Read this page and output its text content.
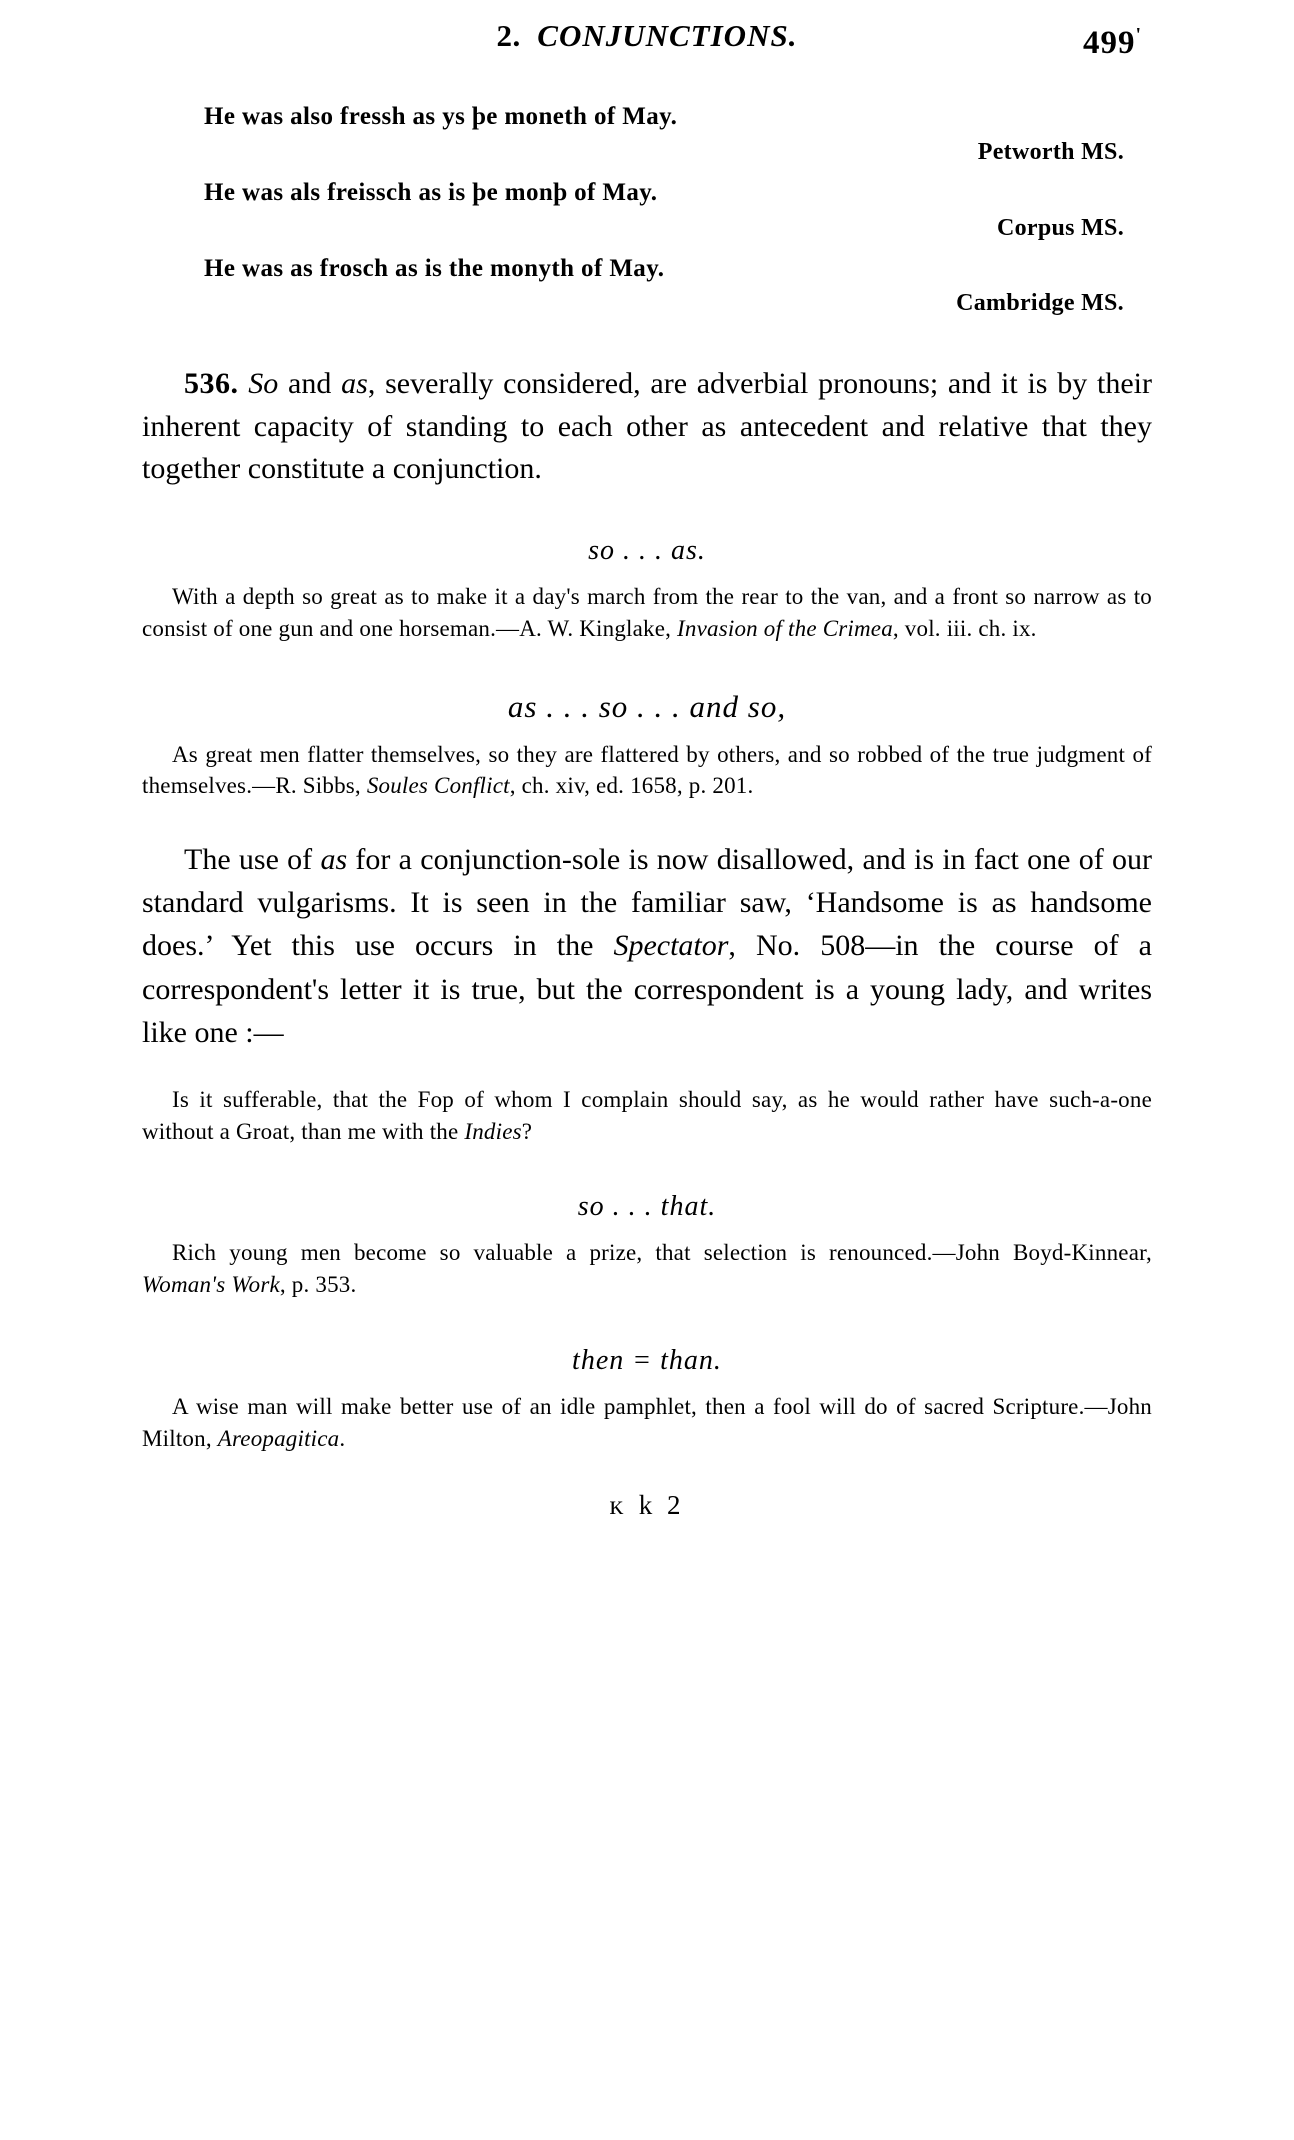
2. CONJUNCTIONS.	499'
He was also fressh as ys þe moneth of May.
Petworth MS.
He was als freissch as is þe monþ of May.
Corpus MS.
He was as frosch as is the monyth of May.
Cambridge MS.

536. So and as, severally considered, are adverbial pronouns; and it is by their inherent capacity of standing to each other as antecedent and relative that they together constitute a conjunction.

so . . . as.

With a depth so great as to make it a day's march from the rear to the van, and a front so narrow as to consist of one gun and one horseman.—A. W. Kinglake, Invasion of the Crimea, vol. iii. ch. ix.

as . . . so . . . and so,

As great men flatter themselves, so they are flattered by others, and so robbed of the true judgment of themselves.—R. Sibbs, Soules Conflict, ch. xiv, ed. 1658, p. 201.

The use of as for a conjunction-sole is now disallowed, and is in fact one of our standard vulgarisms. It is seen in the familiar saw, ‘Handsome is as handsome does.’ Yet this use occurs in the Spectator, No. 508—in the course of a correspondent's letter it is true, but the correspondent is a young lady, and writes like one :—

Is it sufferable, that the Fop of whom I complain should say, as he would rather have such-a-one without a Groat, than me with the Indies?

so . . . that.

Rich young men become so valuable a prize, that selection is renounced.—John Boyd-Kinnear, Woman's Work, p. 353.

then = than.

A wise man will make better use of an idle pamphlet, then a fool will do of sacred Scripture.—John Milton, Areopagitica.

ᴋ k 2
